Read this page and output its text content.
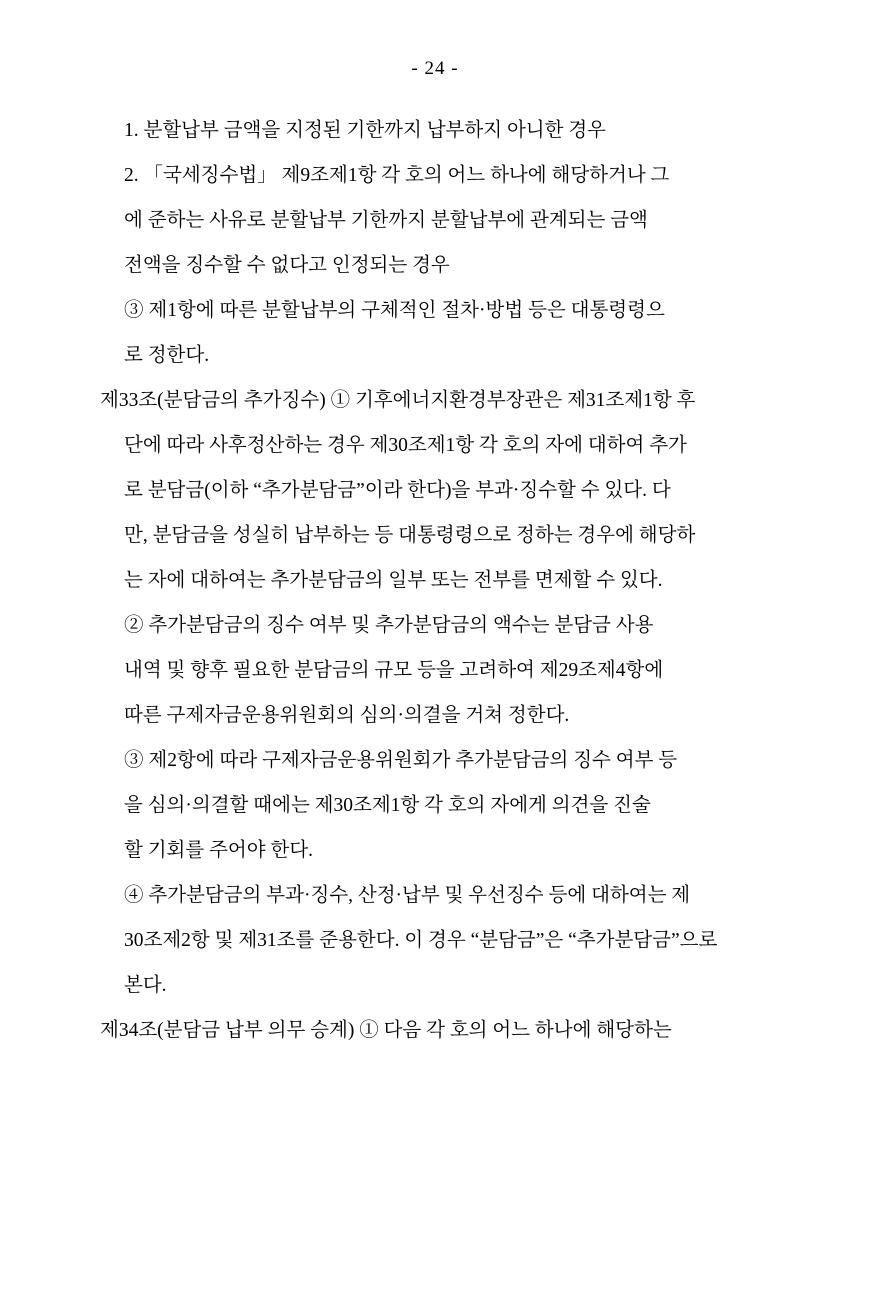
- 24 -
1. 분할납부 금액을 지정된 기한까지 납부하지 아니한 경우
2. 「국세징수법」 제9조제1항 각 호의 어느 하나에 해당하거나 그
에 준하는 사유로 분할납부 기한까지 분할납부에 관계되는 금액
전액을 징수할 수 없다고 인정되는 경우
③ 제1항에 따른 분할납부의 구체적인 절차·방법 등은 대통령령으
로 정한다.
제33조(분담금의 추가징수) ① 기후에너지환경부장관은 제31조제1항 후
단에 따라 사후정산하는 경우 제30조제1항 각 호의 자에 대하여 추가
로 분담금(이하 “추가분담금”이라 한다)을 부과·징수할 수 있다. 다
만, 분담금을 성실히 납부하는 등 대통령령으로 정하는 경우에 해당하
는 자에 대하여는 추가분담금의 일부 또는 전부를 면제할 수 있다.
② 추가분담금의 징수 여부 및 추가분담금의 액수는 분담금 사용
내역 및 향후 필요한 분담금의 규모 등을 고려하여 제29조제4항에
따른 구제자금운용위원회의 심의·의결을 거쳐 정한다.
③ 제2항에 따라 구제자금운용위원회가 추가분담금의 징수 여부 등
을 심의·의결할 때에는 제30조제1항 각 호의 자에게 의견을 진술
할 기회를 주어야 한다.
④ 추가분담금의 부과·징수, 산정·납부 및 우선징수 등에 대하여는 제
30조제2항 및 제31조를 준용한다. 이 경우 “분담금”은 “추가분담금”으로
본다.
제34조(분담금 납부 의무 승계) ① 다음 각 호의 어느 하나에 해당하는
